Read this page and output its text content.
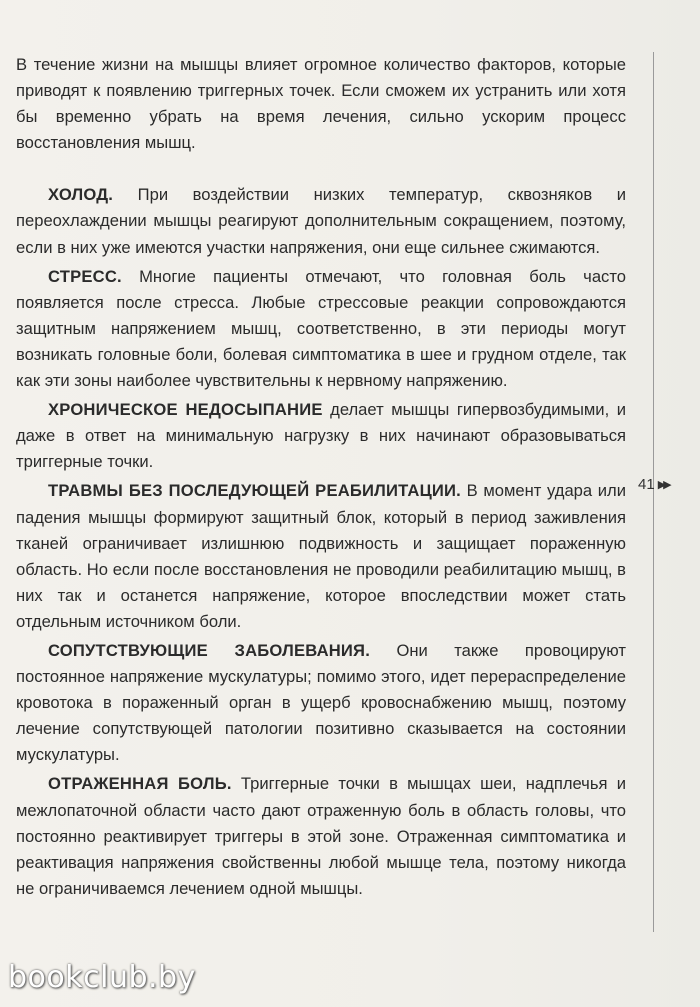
В течение жизни на мышцы влияет огромное количество факторов, которые приводят к появлению триггерных точек. Если сможем их устранить или хотя бы временно убрать на время лечения, сильно ускорим процесс восстановления мышц.

ХОЛОД. При воздействии низких температур, сквозняков и переохлаждении мышцы реагируют дополнительным сокращением, поэтому, если в них уже имеются участки напряжения, они еще сильнее сжимаются.

СТРЕСС. Многие пациенты отмечают, что головная боль часто появляется после стресса. Любые стрессовые реакции сопровождаются защитным напряжением мышц, соответственно, в эти периоды могут возникать головные боли, болевая симптоматика в шее и грудном отделе, так как эти зоны наиболее чувствительны к нервному напряжению.

ХРОНИЧЕСКОЕ НЕДОСЫПАНИЕ делает мышцы гипервозбудимыми, и даже в ответ на минимальную нагрузку в них начинают образовываться триггерные точки.

ТРАВМЫ БЕЗ ПОСЛЕДУЮЩЕЙ РЕАБИЛИТАЦИИ. В момент удара или падения мышцы формируют защитный блок, который в период заживления тканей ограничивает излишнюю подвижность и защищает пораженную область. Но если после восстановления не проводили реабилитацию мышц, в них так и останется напряжение, которое впоследствии может стать отдельным источником боли.

СОПУТСТВУЮЩИЕ ЗАБОЛЕВАНИЯ. Они также провоцируют постоянное напряжение мускулатуры; помимо этого, идет перераспределение кровотока в пораженный орган в ущерб кровоснабжению мышц, поэтому лечение сопутствующей патологии позитивно сказывается на состоянии мускулатуры.

ОТРАЖЕННАЯ БОЛЬ. Триггерные точки в мышцах шеи, надплечья и межлопаточной области часто дают отраженную боль в область головы, что постоянно реактивирует триггеры в этой зоне. Отраженная симптоматика и реактивация напряжения свойственны любой мышце тела, поэтому никогда не ограничиваемся лечением одной мышцы.

41 ▶▶
bookclub.by
